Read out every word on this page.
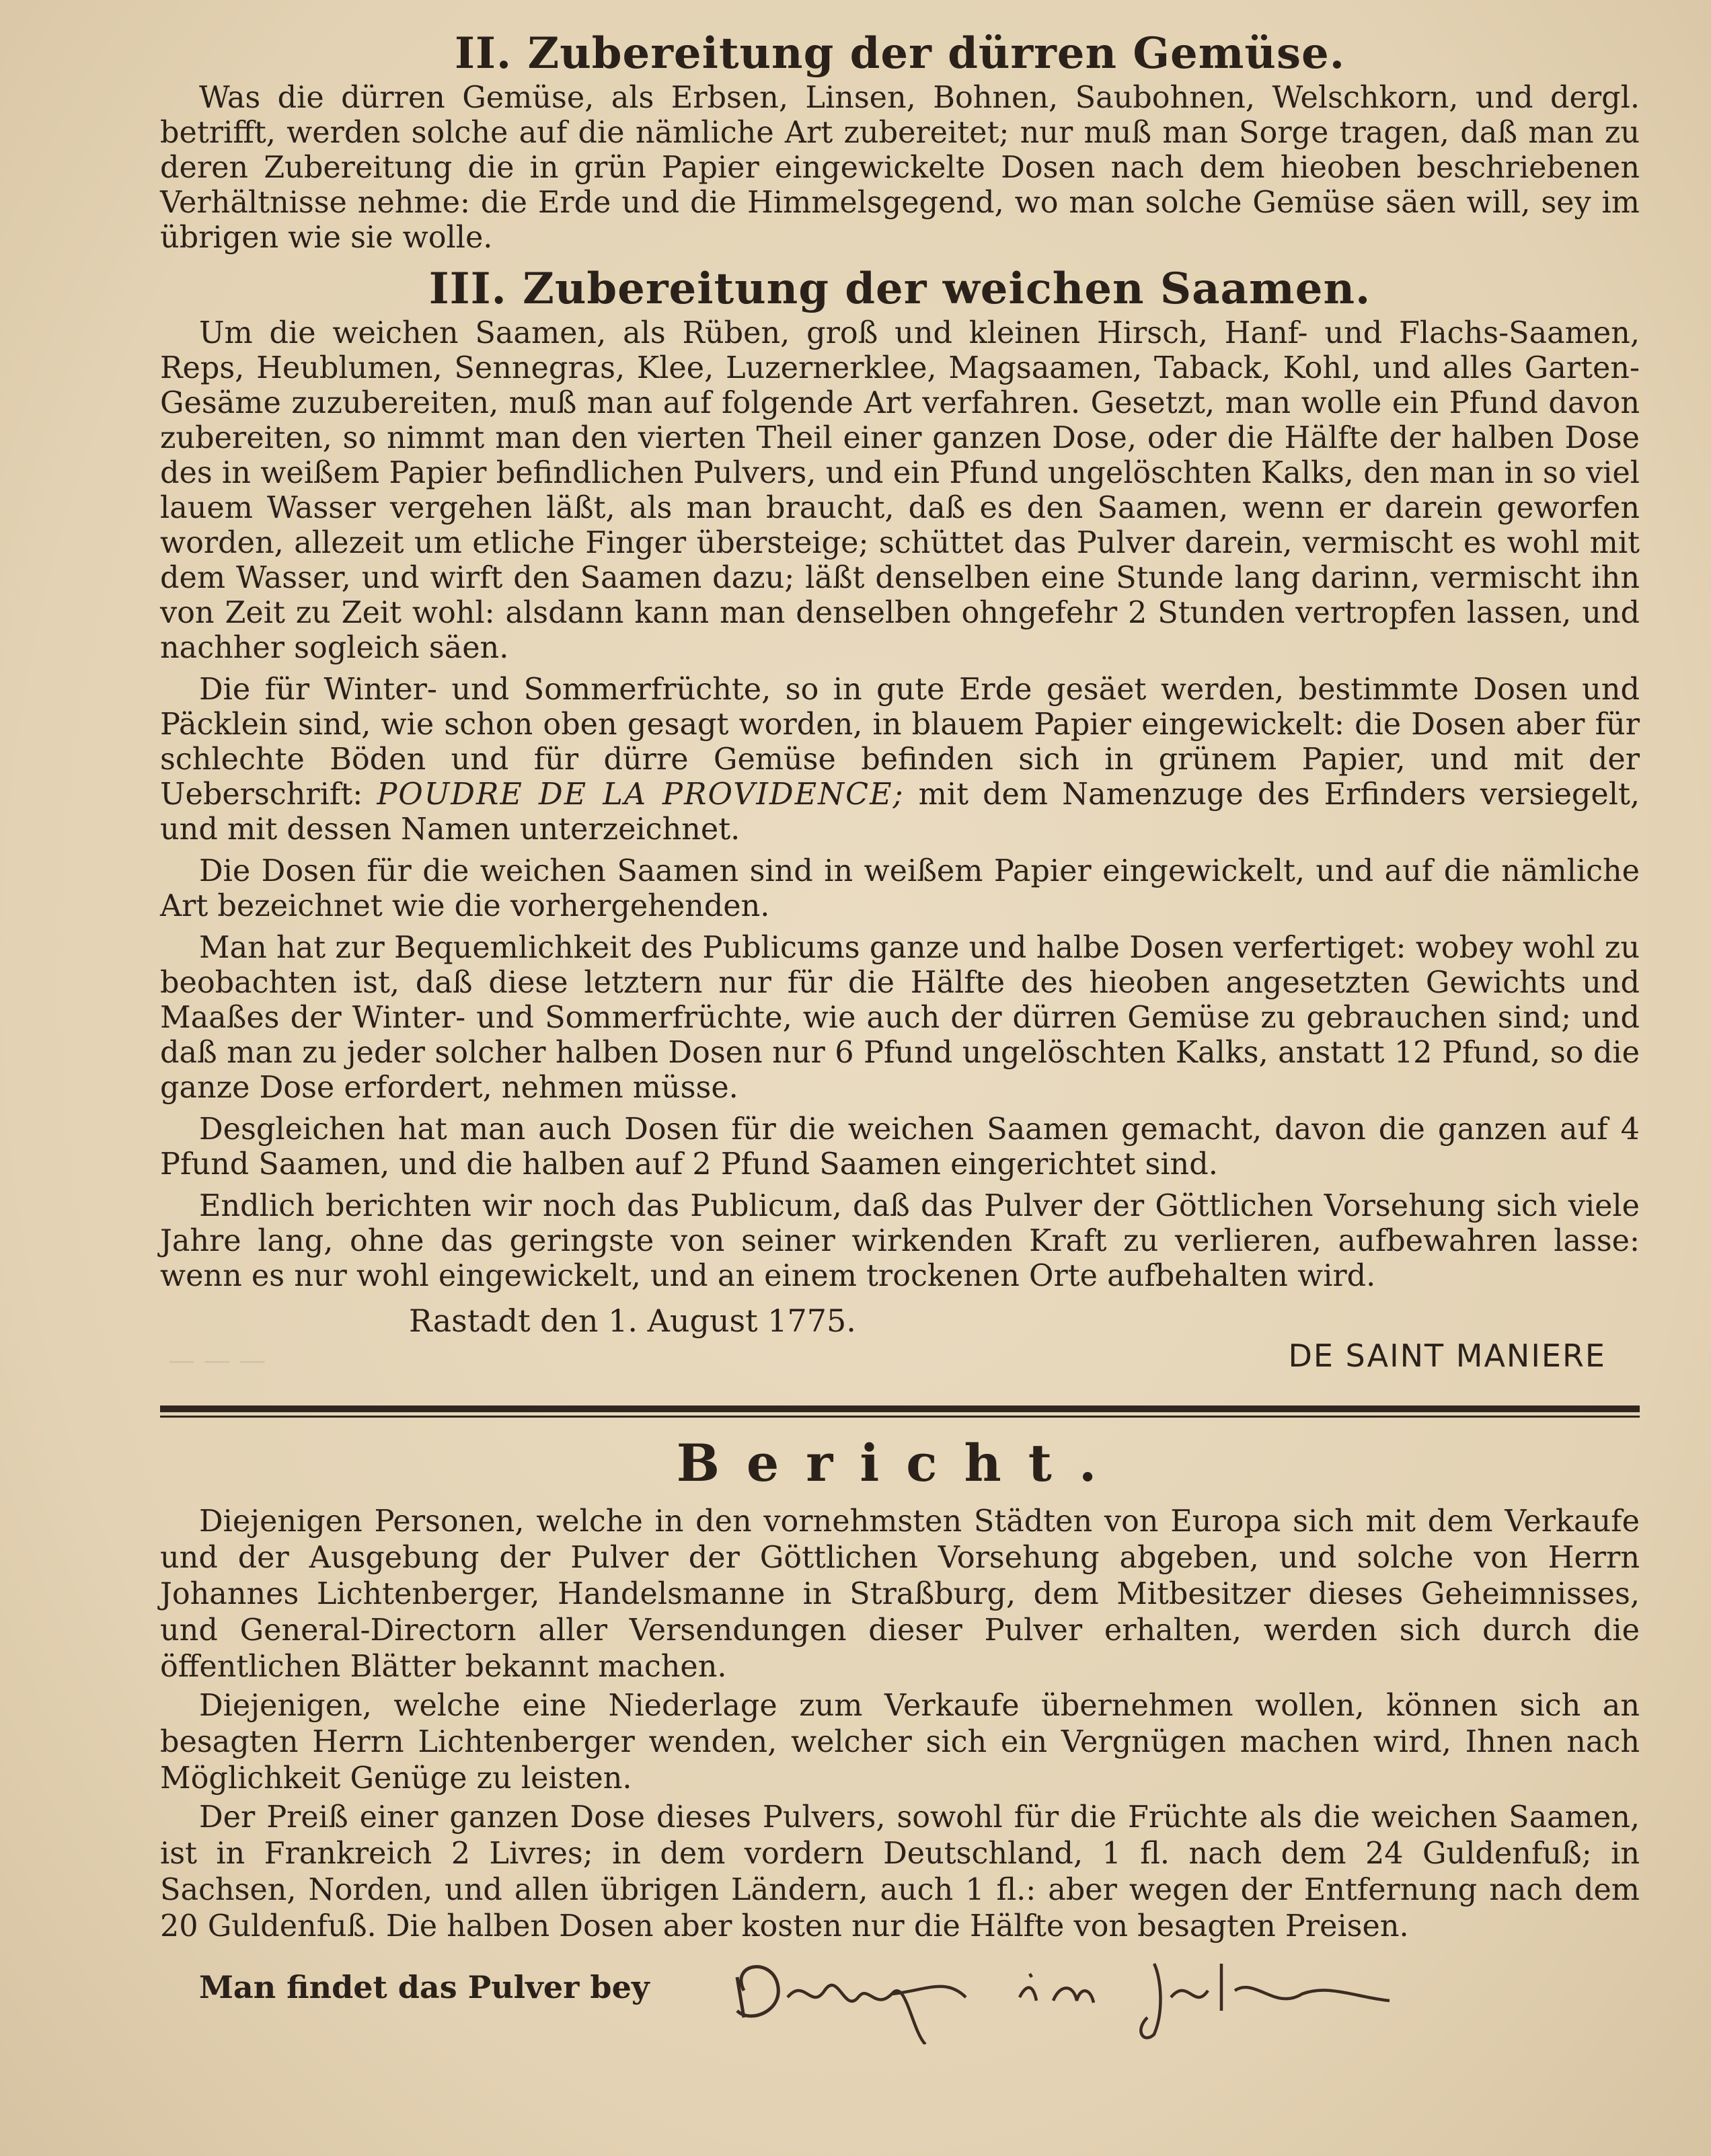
— — —
II. Zubereitung der dürren Gemüse.

Was die dürren Gemüse, als Erbsen, Linsen, Bohnen, Saubohnen, Welschkorn, und dergl. betrifft, werden solche auf die nämliche Art zubereitet; nur muß man Sorge tragen, daß man zu deren Zubereitung die in grün Papier eingewickelte Dosen nach dem hieoben beschriebenen Verhältnisse nehme: die Erde und die Himmelsgegend, wo man solche Gemüse säen will, sey im übrigen wie sie wolle.

III. Zubereitung der weichen Saamen.

Um die weichen Saamen, als Rüben, groß und kleinen Hirsch, Hanf- und Flachs-Saamen, Reps, Heublumen, Sennegras, Klee, Luzernerklee, Magsaamen, Taback, Kohl, und alles Garten-Gesäme zuzubereiten, muß man auf folgende Art verfahren. Gesetzt, man wolle ein Pfund davon zubereiten, so nimmt man den vierten Theil einer ganzen Dose, oder die Hälfte der halben Dose des in weißem Papier befindlichen Pulvers, und ein Pfund ungelöschten Kalks, den man in so viel lauem Wasser vergehen läßt, als man braucht, daß es den Saamen, wenn er darein geworfen worden, allezeit um etliche Finger übersteige; schüttet das Pulver darein, vermischt es wohl mit dem Wasser, und wirft den Saamen dazu; läßt denselben eine Stunde lang darinn, vermischt ihn von Zeit zu Zeit wohl: alsdann kann man denselben ohngefehr 2 Stunden vertropfen lassen, und nachher sogleich säen.

Die für Winter- und Sommerfrüchte, so in gute Erde gesäet werden, bestimmte Dosen und Päcklein sind, wie schon oben gesagt worden, in blauem Papier eingewickelt: die Dosen aber für schlechte Böden und für dürre Gemüse befinden sich in grünem Papier, und mit der Ueberschrift: POUDRE DE LA PROVIDENCE; mit dem Namenzuge des Erfinders versiegelt, und mit dessen Namen unterzeichnet.

Die Dosen für die weichen Saamen sind in weißem Papier eingewickelt, und auf die nämliche Art bezeichnet wie die vorhergehenden.

Man hat zur Bequemlichkeit des Publicums ganze und halbe Dosen verfertiget: wobey wohl zu beobachten ist, daß diese letztern nur für die Hälfte des hieoben angesetzten Gewichts und Maaßes der Winter- und Sommerfrüchte, wie auch der dürren Gemüse zu gebrauchen sind; und daß man zu jeder solcher halben Dosen nur 6 Pfund ungelöschten Kalks, anstatt 12 Pfund, so die ganze Dose erfordert, nehmen müsse.

Desgleichen hat man auch Dosen für die weichen Saamen gemacht, davon die ganzen auf 4 Pfund Saamen, und die halben auf 2 Pfund Saamen eingerichtet sind.

Endlich berichten wir noch das Publicum, daß das Pulver der Göttlichen Vorsehung sich viele Jahre lang, ohne das geringste von seiner wirkenden Kraft zu verlieren, aufbewahren lasse: wenn es nur wohl eingewickelt, und an einem trockenen Orte aufbehalten wird.

Rastadt den 1. August 1775.
DE SAINT MANIERE
Bericht.

Diejenigen Personen, welche in den vornehmsten Städten von Europa sich mit dem Verkaufe und der Ausgebung der Pulver der Göttlichen Vorsehung abgeben, und solche von Herrn Johannes Lichtenberger, Handelsmanne in Straßburg, dem Mitbesitzer dieses Geheimnisses, und General-Directorn aller Versendungen dieser Pulver erhalten, werden sich durch die öffentlichen Blätter bekannt machen.

Diejenigen, welche eine Niederlage zum Verkaufe übernehmen wollen, können sich an besagten Herrn Lichtenberger wenden, welcher sich ein Vergnügen machen wird, Ihnen nach Möglichkeit Genüge zu leisten.

Der Preiß einer ganzen Dose dieses Pulvers, sowohl für die Früchte als die weichen Saamen, ist in Frankreich 2 Livres; in dem vordern Deutschland, 1 fl. nach dem 24 Guldenfuß; in Sachsen, Norden, und allen übrigen Ländern, auch 1 fl.: aber wegen der Entfernung nach dem 20 Guldenfuß. Die halben Dosen aber kosten nur die Hälfte von besagten Preisen.

Man findet das Pulver bey
